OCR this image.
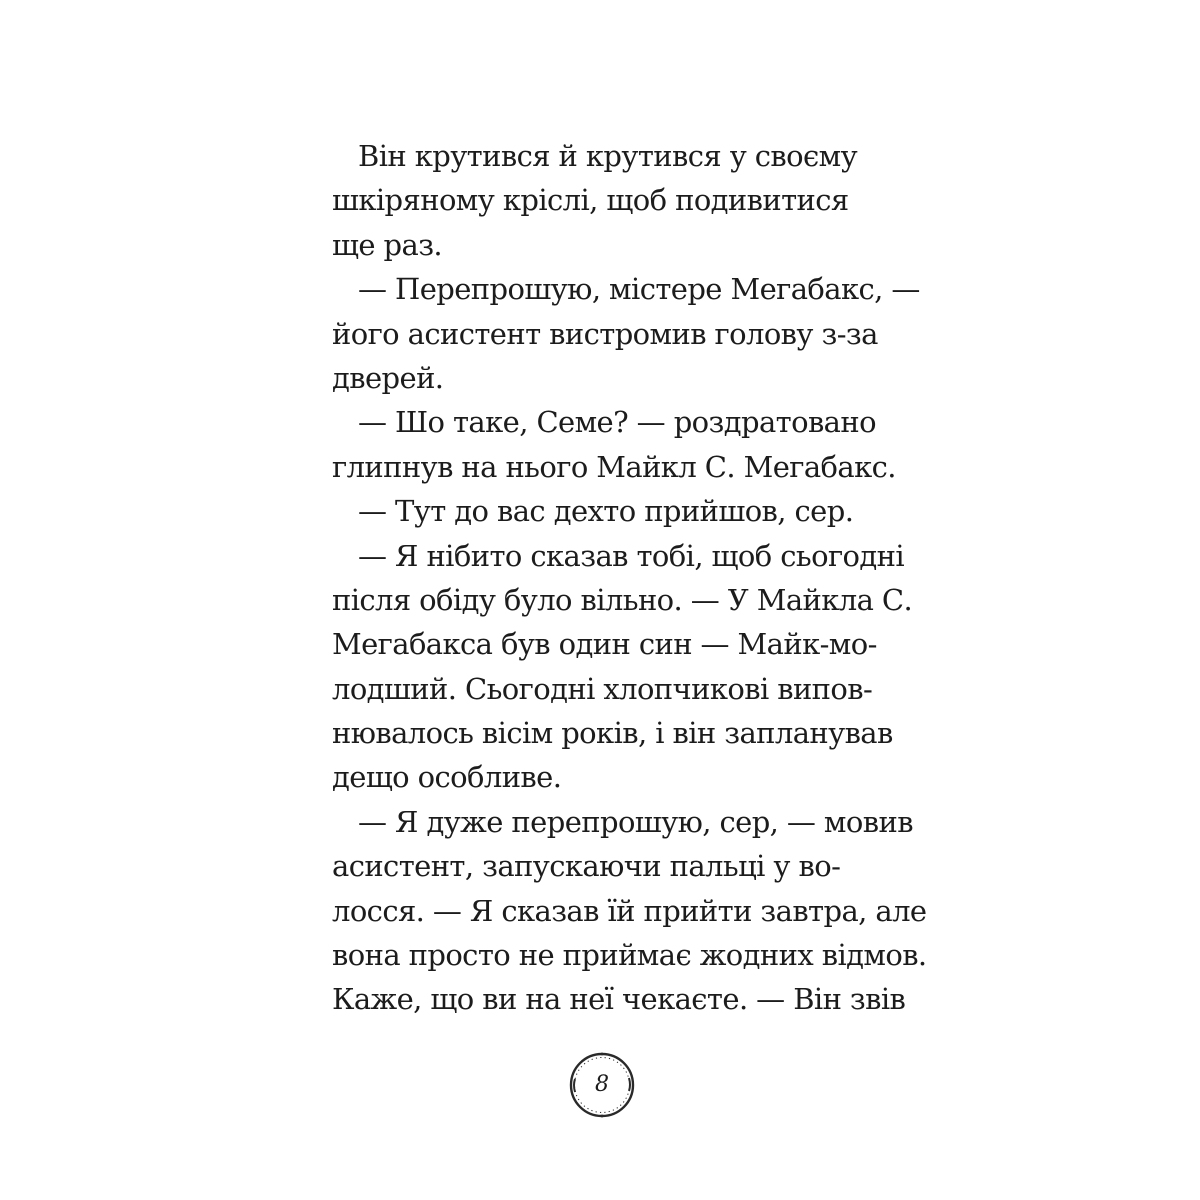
Він крутився й крутився у своєму
шкіряному кріслі, щоб подивитися
ще раз.
— Перепрошую, містере Мегабакс, —
його асистент вистромив голову з-за
дверей.
— Шо таке, Семе? — роздратовано
глипнув на нього Майкл С. Мегабакс.
— Тут до вас дехто прийшов, сер.
— Я нібито сказав тобі, щоб сьогодні
після обіду було вільно. — У Майкла С.
Мегабакса був один син — Майк-мо-
лодший. Сьогодні хлопчикові випов-
нювалось вісім років, і він запланував
дещо особливе.
— Я дуже перепрошую, сер, — мовив
асистент, запускаючи пальці у во-
лосся. — Я сказав їй прийти завтра, але
вона просто не приймає жодних відмов.
Каже, що ви на неї чекаєте. — Він звів
8
